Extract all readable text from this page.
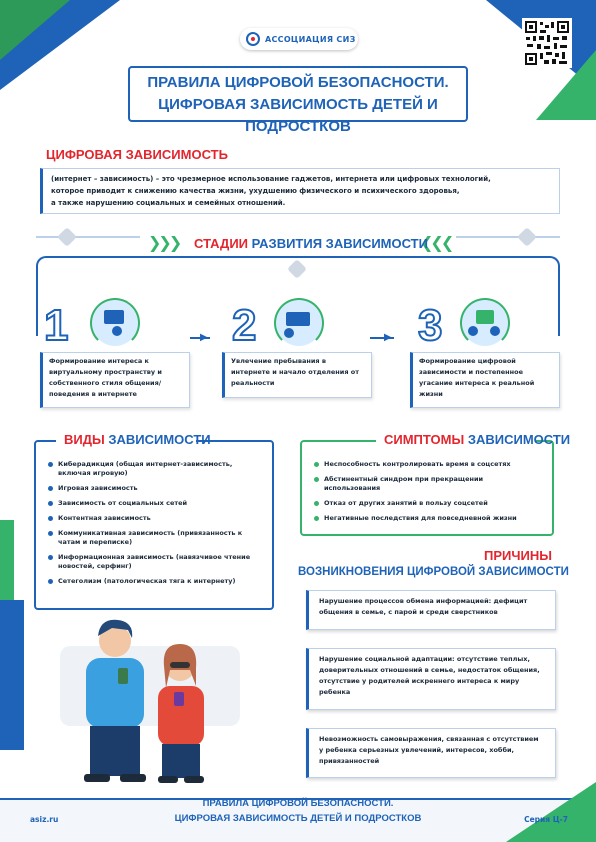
АССОЦИАЦИЯ СИЗ
ПРАВИЛА ЦИФРОВОЙ БЕЗОПАСНОСТИ.
ЦИФРОВАЯ ЗАВИСИМОСТЬ ДЕТЕЙ И ПОДРОСТКОВ
ЦИФРОВАЯ ЗАВИСИМОСТЬ
(интернет – зависимость) – это чрезмерное использование гаджетов, интернета или цифровых технологий,
которое приводит к снижению качества жизни, ухудшению физического и психического здоровья,
а также нарушению социальных и семейных отношений.
❯❯❯	❮❮❮
СТАДИИ РАЗВИТИЯ ЗАВИСИМОСТИ
▶	▶
1
Формирование интереса к виртуальному пространству и собственного стиля общения/поведения в интернете
2
Увлечение пребывания в интернете и начало отделения от реальности
3
Формирование цифровой зависимости и постепенное угасание интереса к реальной жизни
ВИДЫ ЗАВИСИМОСТИ
Киберадикция (общая интернет-зависимость, включая игровую)
Игровая зависимость
Зависимость от социальных сетей
Контентная зависимость
Коммуникативная зависимость (привязанность к чатам и переписке)
Информационная зависимость (навязчивое чтение новостей, серфинг)
Сетеголизм (патологическая тяга к интернету)
СИМПТОМЫ ЗАВИСИМОСТИ
Неспособность контролировать время в соцсетях
Абстинентный синдром при прекращении использования
Отказ от других занятий в пользу соцсетей
Негативные последствия для повседневной жизни
ПРИЧИНЫ
ВОЗНИКНОВЕНИЯ ЦИФРОВОЙ ЗАВИСИМОСТИ
Нарушение процессов обмена информацией: дефицит общения в семье, с парой и среди сверстников
Нарушение социальной адаптации: отсутствие теплых, доверительных отношений в семье, недостаток общения, отсутствие у родителей искреннего интереса к миру ребенка
Невозможность самовыражения, связанная с отсутствием у ребенка серьезных увлечений, интересов, хобби, привязанностей
ПРАВИЛА ЦИФРОВОЙ БЕЗОПАСНОСТИ.
ЦИФРОВАЯ ЗАВИСИМОСТЬ ДЕТЕЙ И ПОДРОСТКОВ
asiz.ru	Серия Ц-7
